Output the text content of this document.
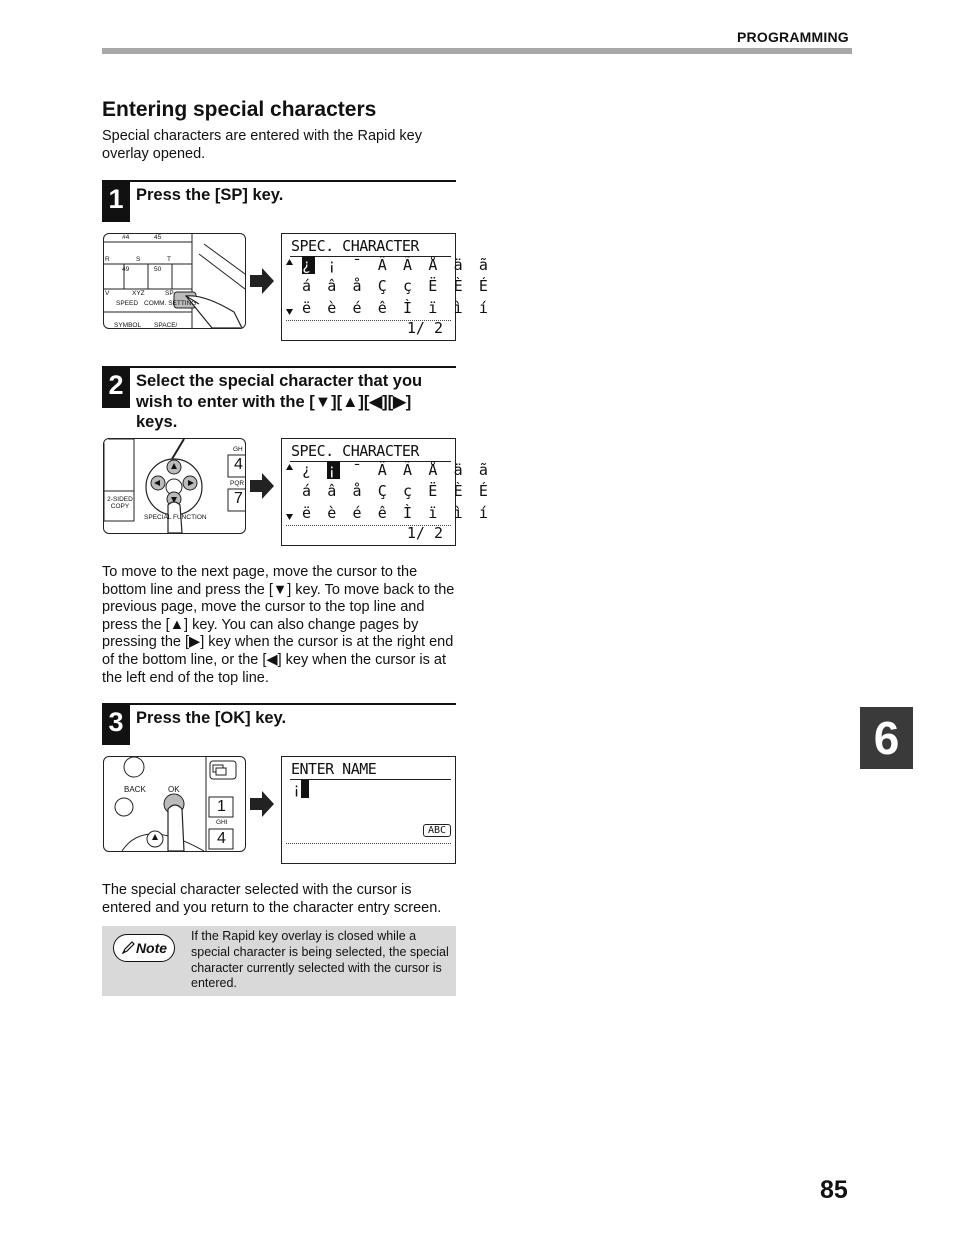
PROGRAMMING
Entering special characters
Special characters are entered with the Rapid key overlay opened.
1 Press the [SP] key.
#4	45
R	S	T
49	50
V	XYZ	SP
SPEED COMM. SETTING
SYMBOL SPACE/
SPEC. CHARACTER
¿ ¡ ¯ Ä Ã Å ä ã
á â å Ç ç Ë È É
ë è é ê Ì ï ì í
1/ 2
2 Select the special character that you wish to enter with the [▼][▲][◀][▶] keys.
GH
4
PQR
7
2-SIDED COPY
SPECIAL FUNCTION
SPEC. CHARACTER
¿ ¡ ¯ Ä Ã Å ä ã
á â å Ç ç Ë È É
ë è é ê Ì ï ì í
1/ 2
To move to the next page, move the cursor to the bottom line and press the [▼] key. To move back to the previous page, move the cursor to the top line and press the [▲] key. You can also change pages by pressing the [▶] key when the cursor is at the right end of the bottom line, or the [◀] key when the cursor is at the left end of the top line.
3 Press the [OK] key.
BACK	OK
1
GHI
4
ENTER NAME
¡
ABC
The special character selected with the cursor is entered and you return to the character entry screen.
Note
If the Rapid key overlay is closed while a special character is being selected, the special character currently selected with the cursor is entered.
6
85
